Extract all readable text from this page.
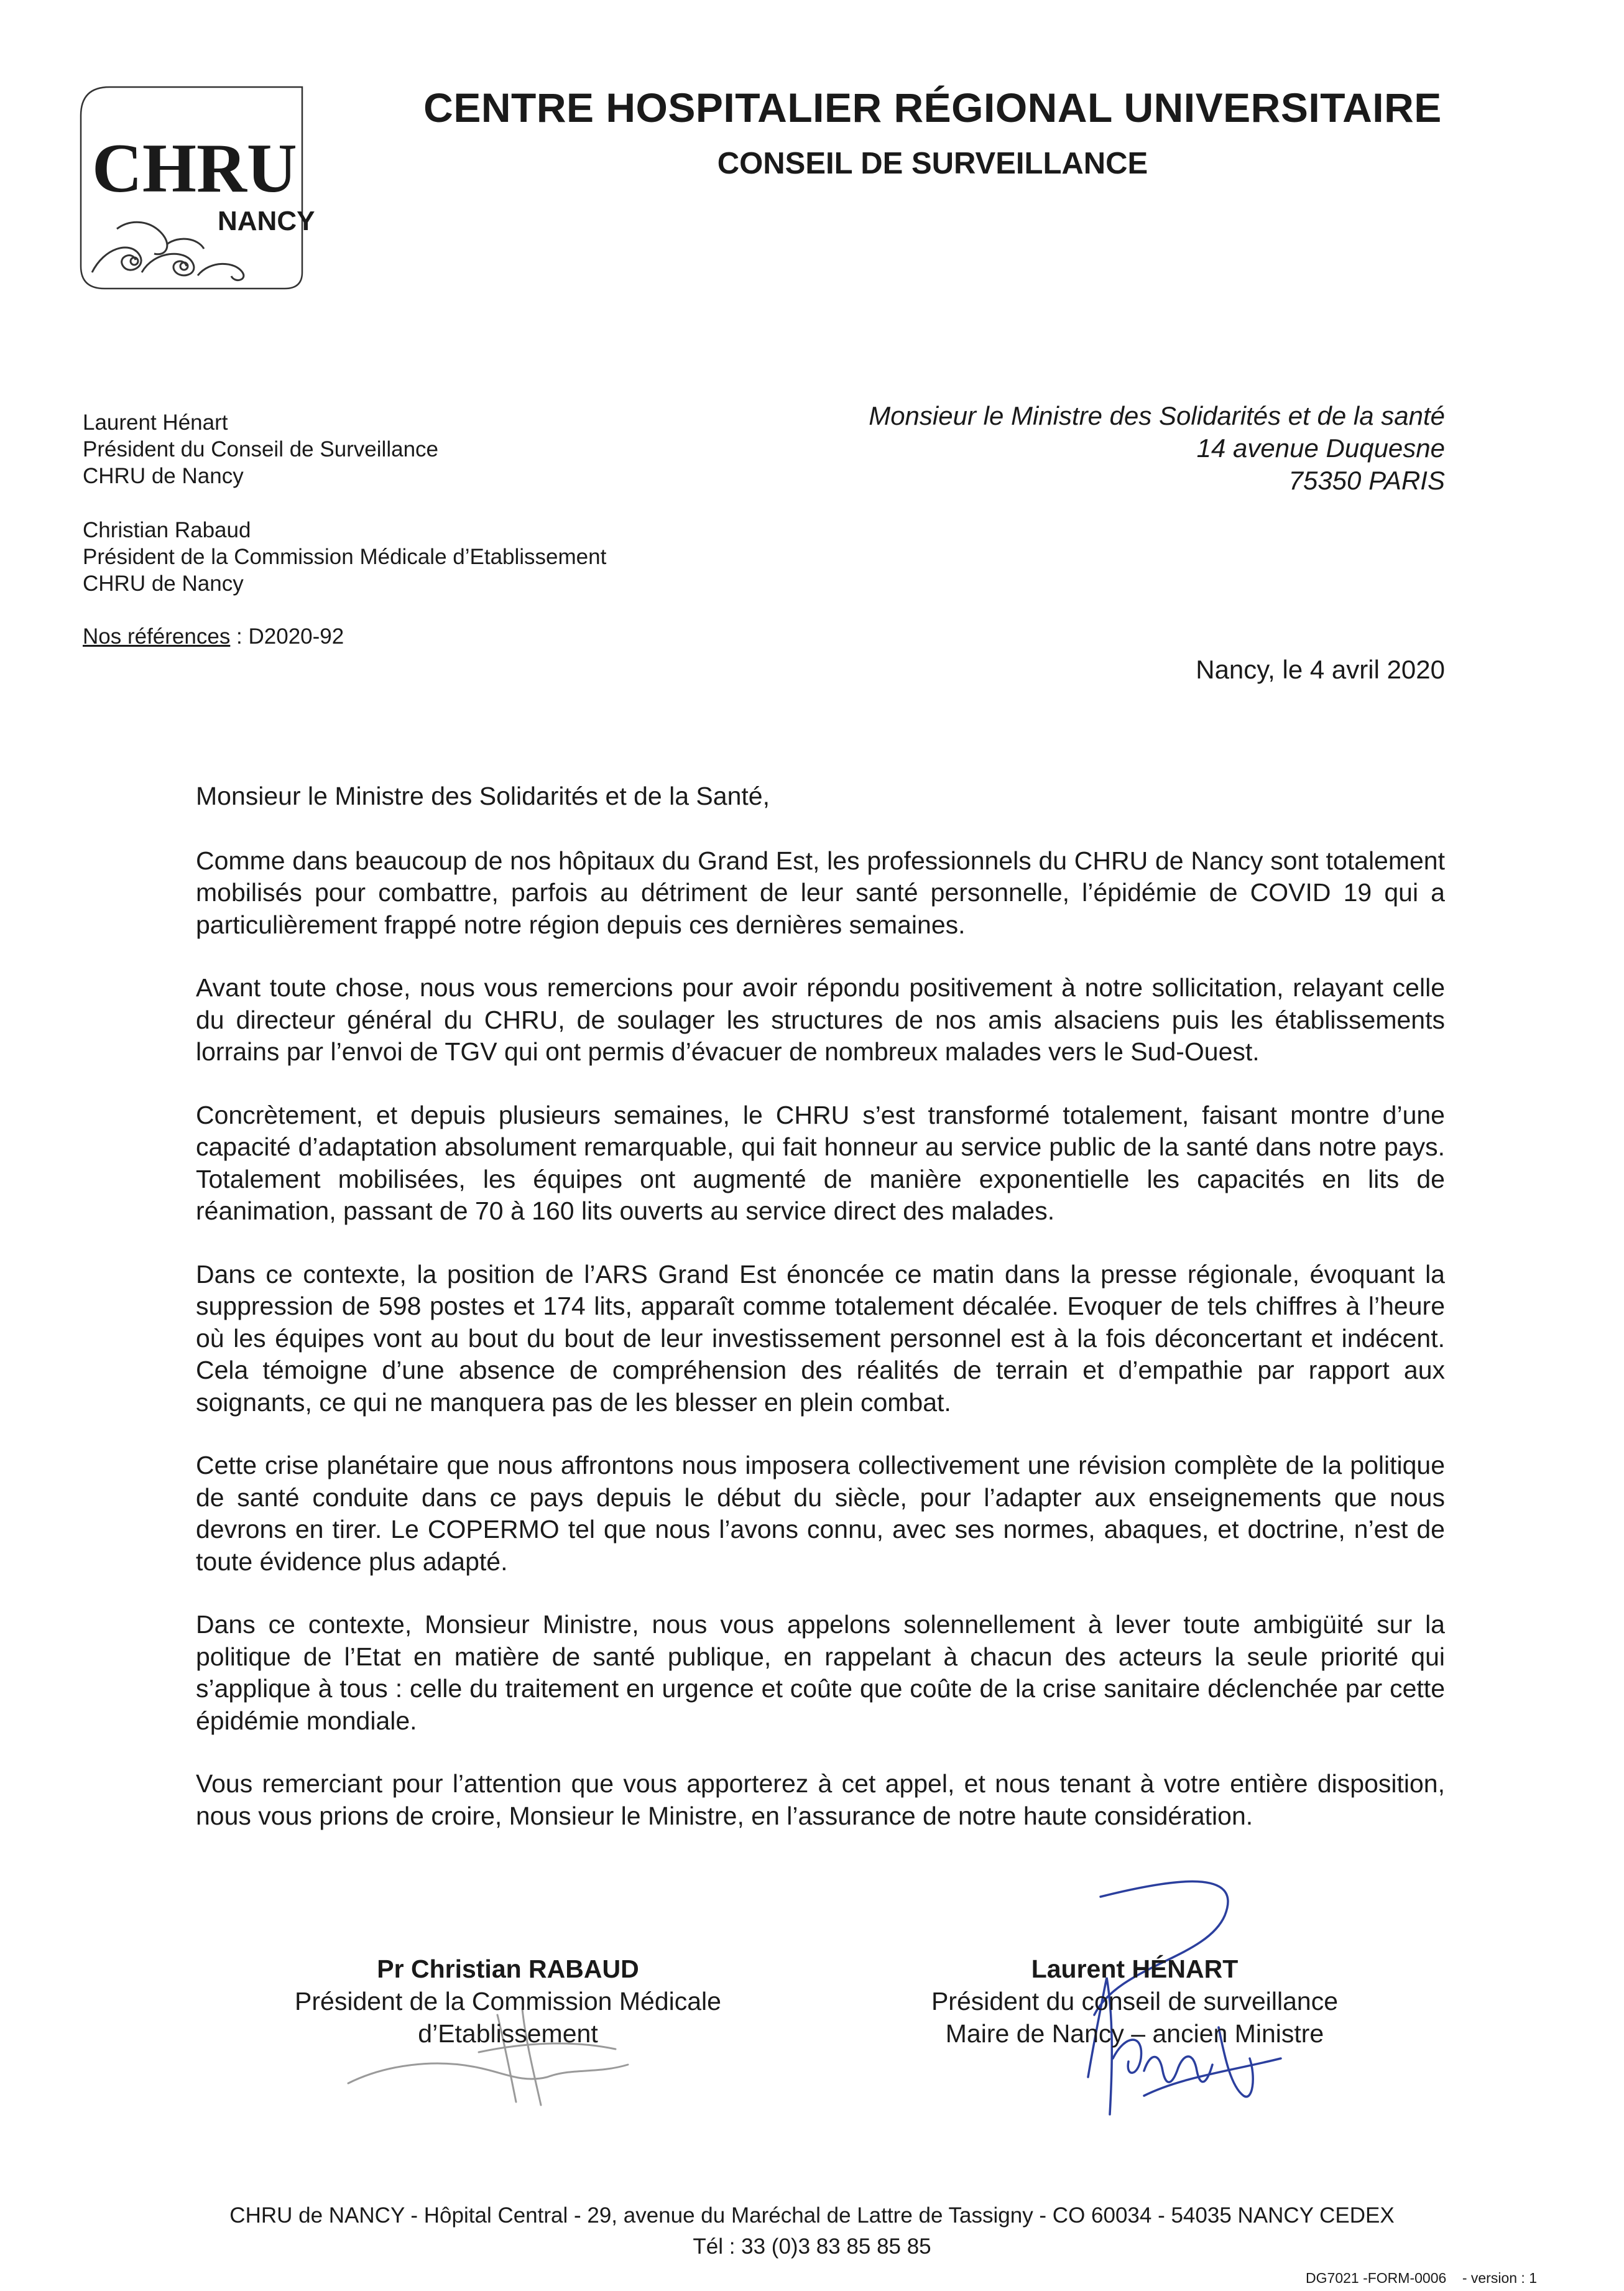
CHRU
NANCY
CENTRE HOSPITALIER RÉGIONAL UNIVERSITAIRE
CONSEIL DE SURVEILLANCE
Laurent Hénart
Président du Conseil de Surveillance
CHRU de Nancy
Christian Rabaud
Président de la Commission Médicale d’Etablissement
CHRU de Nancy
Nos références : D2020-92
Monsieur le Ministre des Solidarités et de la santé
14 avenue Duquesne
75350 PARIS
Nancy, le 4 avril 2020

Monsieur le Ministre des Solidarités et de la Santé,

Comme dans beaucoup de nos hôpitaux du Grand Est, les professionnels du CHRU de Nancy sont totalement mobilisés pour combattre, parfois au détriment de leur santé personnelle, l’épidémie de COVID 19 qui a particulièrement frappé notre région depuis ces dernières semaines.

Avant toute chose, nous vous remercions pour avoir répondu positivement à notre sollicitation, relayant celle du directeur général du CHRU, de soulager les structures de nos amis alsaciens puis les établissements lorrains par l’envoi de TGV qui ont permis d’évacuer de nombreux malades vers le Sud-Ouest.

Concrètement, et depuis plusieurs semaines, le CHRU s’est transformé totalement, faisant montre d’une capacité d’adaptation absolument remarquable, qui fait honneur au service public de la santé dans notre pays. Totalement mobilisées, les équipes ont augmenté de manière exponentielle les capacités en lits de réanimation, passant de 70 à 160 lits ouverts au service direct des malades.

Dans ce contexte, la position de l’ARS Grand Est énoncée ce matin dans la presse régionale, évoquant la suppression de 598 postes et 174 lits, apparaît comme totalement décalée. Evoquer de tels chiffres à l’heure où les équipes vont au bout du bout de leur investissement personnel est à la fois déconcertant et indécent. Cela témoigne d’une absence de compréhension des réalités de terrain et d’empathie par rapport aux soignants, ce qui ne manquera pas de les blesser en plein combat.

Cette crise planétaire que nous affrontons nous imposera collectivement une révision complète de la politique de santé conduite dans ce pays depuis le début du siècle, pour l’adapter aux enseignements que nous devrons en tirer. Le COPERMO tel que nous l’avons connu, avec ses normes, abaques, et doctrine, n’est de toute évidence plus adapté.

Dans ce contexte, Monsieur Ministre, nous vous appelons solennellement à lever toute ambigüité sur la politique de l’Etat en matière de santé publique, en rappelant à chacun des acteurs la seule priorité qui s’applique à tous : celle du traitement en urgence et coûte que coûte de la crise sanitaire déclenchée par cette épidémie mondiale.

Vous remerciant pour l’attention que vous apporterez à cet appel, et nous tenant à votre entière disposition, nous vous prions de croire, Monsieur le Ministre, en l’assurance de notre haute considération.

Henart
Pr Christian RABAUD
Président de la Commission Médicale
d’Etablissement
Laurent HÉNART
Président du conseil de surveillance
Maire de Nancy – ancien Ministre
CHRU de NANCY - Hôpital Central - 29, avenue du Maréchal de Lattre de Tassigny - CO 60034 - 54035 NANCY CEDEX
Tél : 33 (0)3 83 85 85 85
DG7021 -FORM-0006    - version : 1
